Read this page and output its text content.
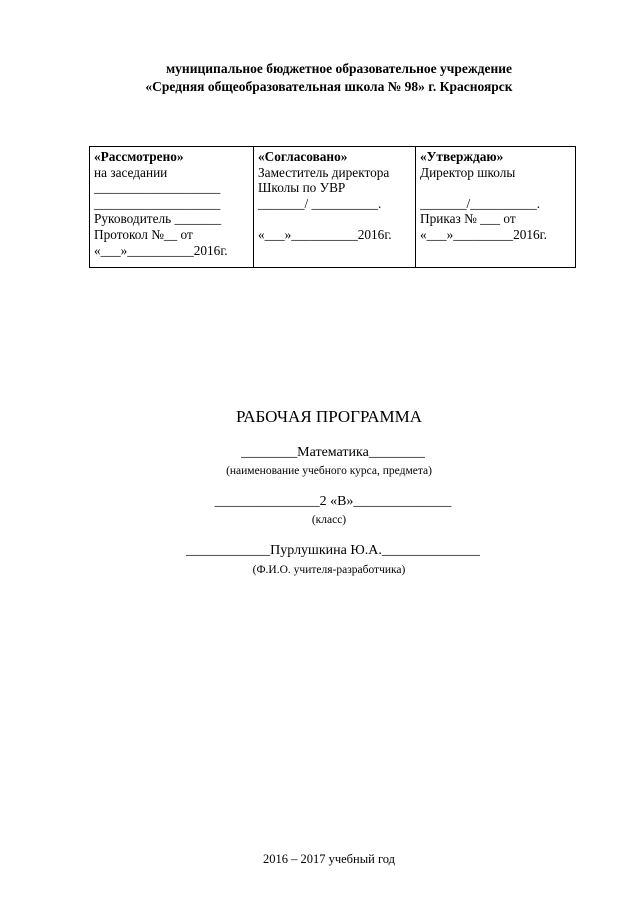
муниципальное бюджетное образовательное учреждение
«Средняя общеобразовательная школа № 98» г. Красноярск
«Рассмотрено»
на заседании
___________________
___________________
Руководитель _______
Протокол №__ от
«___»__________2016г.

«Согласовано»
Заместитель директора
Школы по УВР
_______/ __________.
«___»__________2016г.

«Утверждаю»
Директор школы
_______/__________.
Приказ № ___ от
«___»_________2016г.
РАБОЧАЯ ПРОГРАММА
________Математика________
(наименование учебного курса, предмета)
_______________2 «В»______________
(класс)
____________Пурлушкина Ю.А.______________
(Ф.И.О. учителя-разработчика)
2016 – 2017 учебный год
